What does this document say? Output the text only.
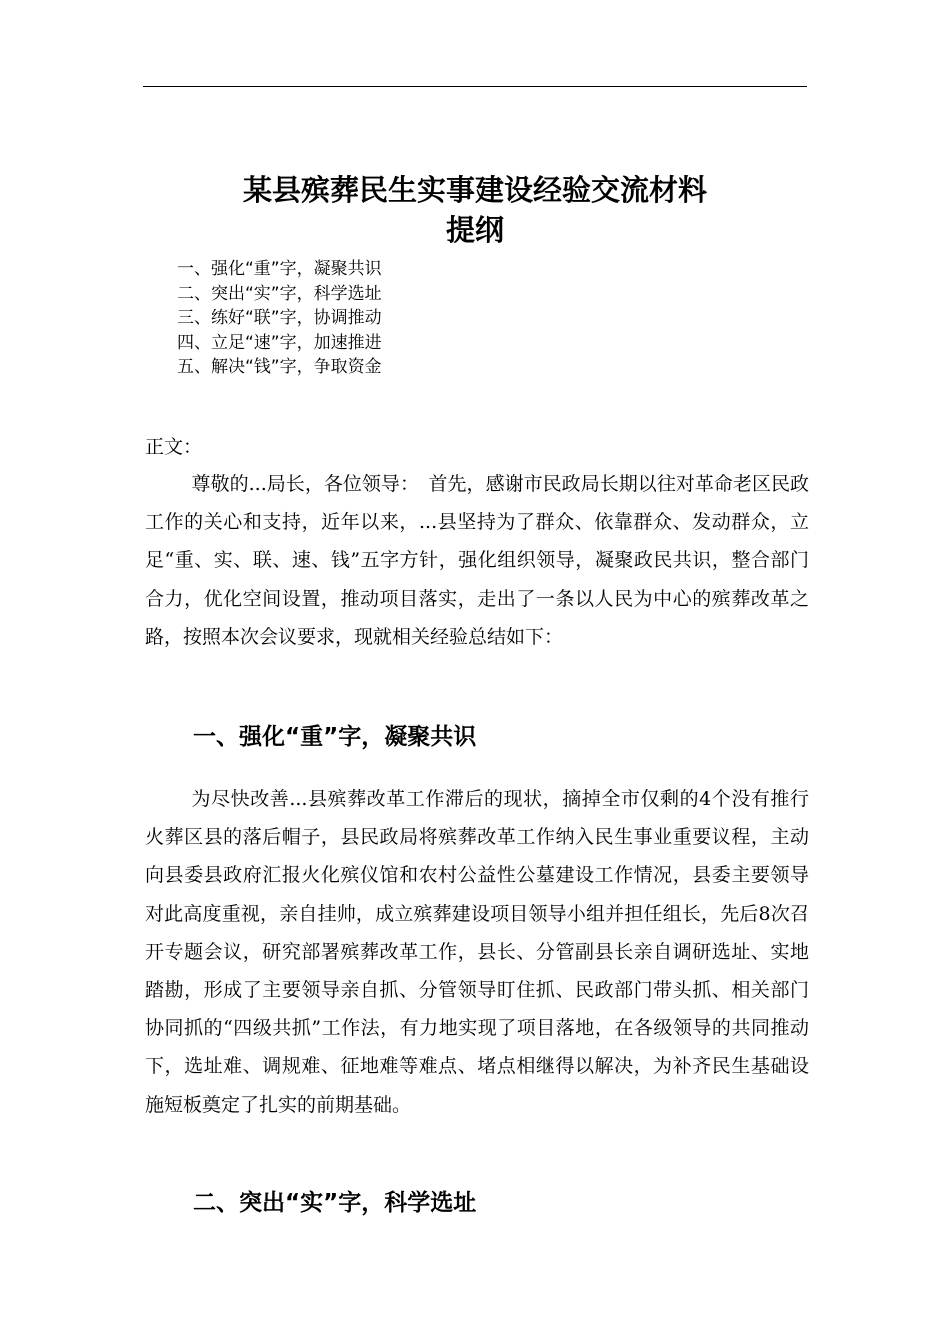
某县殡葬民生实事建设经验交流材料
提纲
一、强化“重”字，凝聚共识
二、突出“实”字，科学选址
三、练好“联”字，协调推动
四、立足“速”字，加速推进
五、解决“钱”字，争取资金
正文：

尊敬的...局长，各位领导：　首先，感谢市民政局长期以往对革命老区民政工作的关心和支持，近年以来，...县坚持为了群众、依靠群众、发动群众，立足“重、实、联、速、钱”五字方针，强化组织领导，凝聚政民共识，整合部门合力，优化空间设置，推动项目落实，走出了一条以人民为中心的殡葬改革之路，按照本次会议要求，现就相关经验总结如下：

一、强化“重”字，凝聚共识

为尽快改善...县殡葬改革工作滞后的现状，摘掉全市仅剩的4个没有推行火葬区县的落后帽子，县民政局将殡葬改革工作纳入民生事业重要议程，主动向县委县政府汇报火化殡仪馆和农村公益性公墓建设工作情况，县委主要领导对此高度重视，亲自挂帅，成立殡葬建设项目领导小组并担任组长，先后8次召开专题会议，研究部署殡葬改革工作，县长、分管副县长亲自调研选址、实地踏勘，形成了主要领导亲自抓、分管领导盯住抓、民政部门带头抓、相关部门协同抓的“四级共抓”工作法，有力地实现了项目落地，在各级领导的共同推动下，选址难、调规难、征地难等难点、堵点相继得以解决，为补齐民生基础设施短板奠定了扎实的前期基础。

二、突出“实”字，科学选址
